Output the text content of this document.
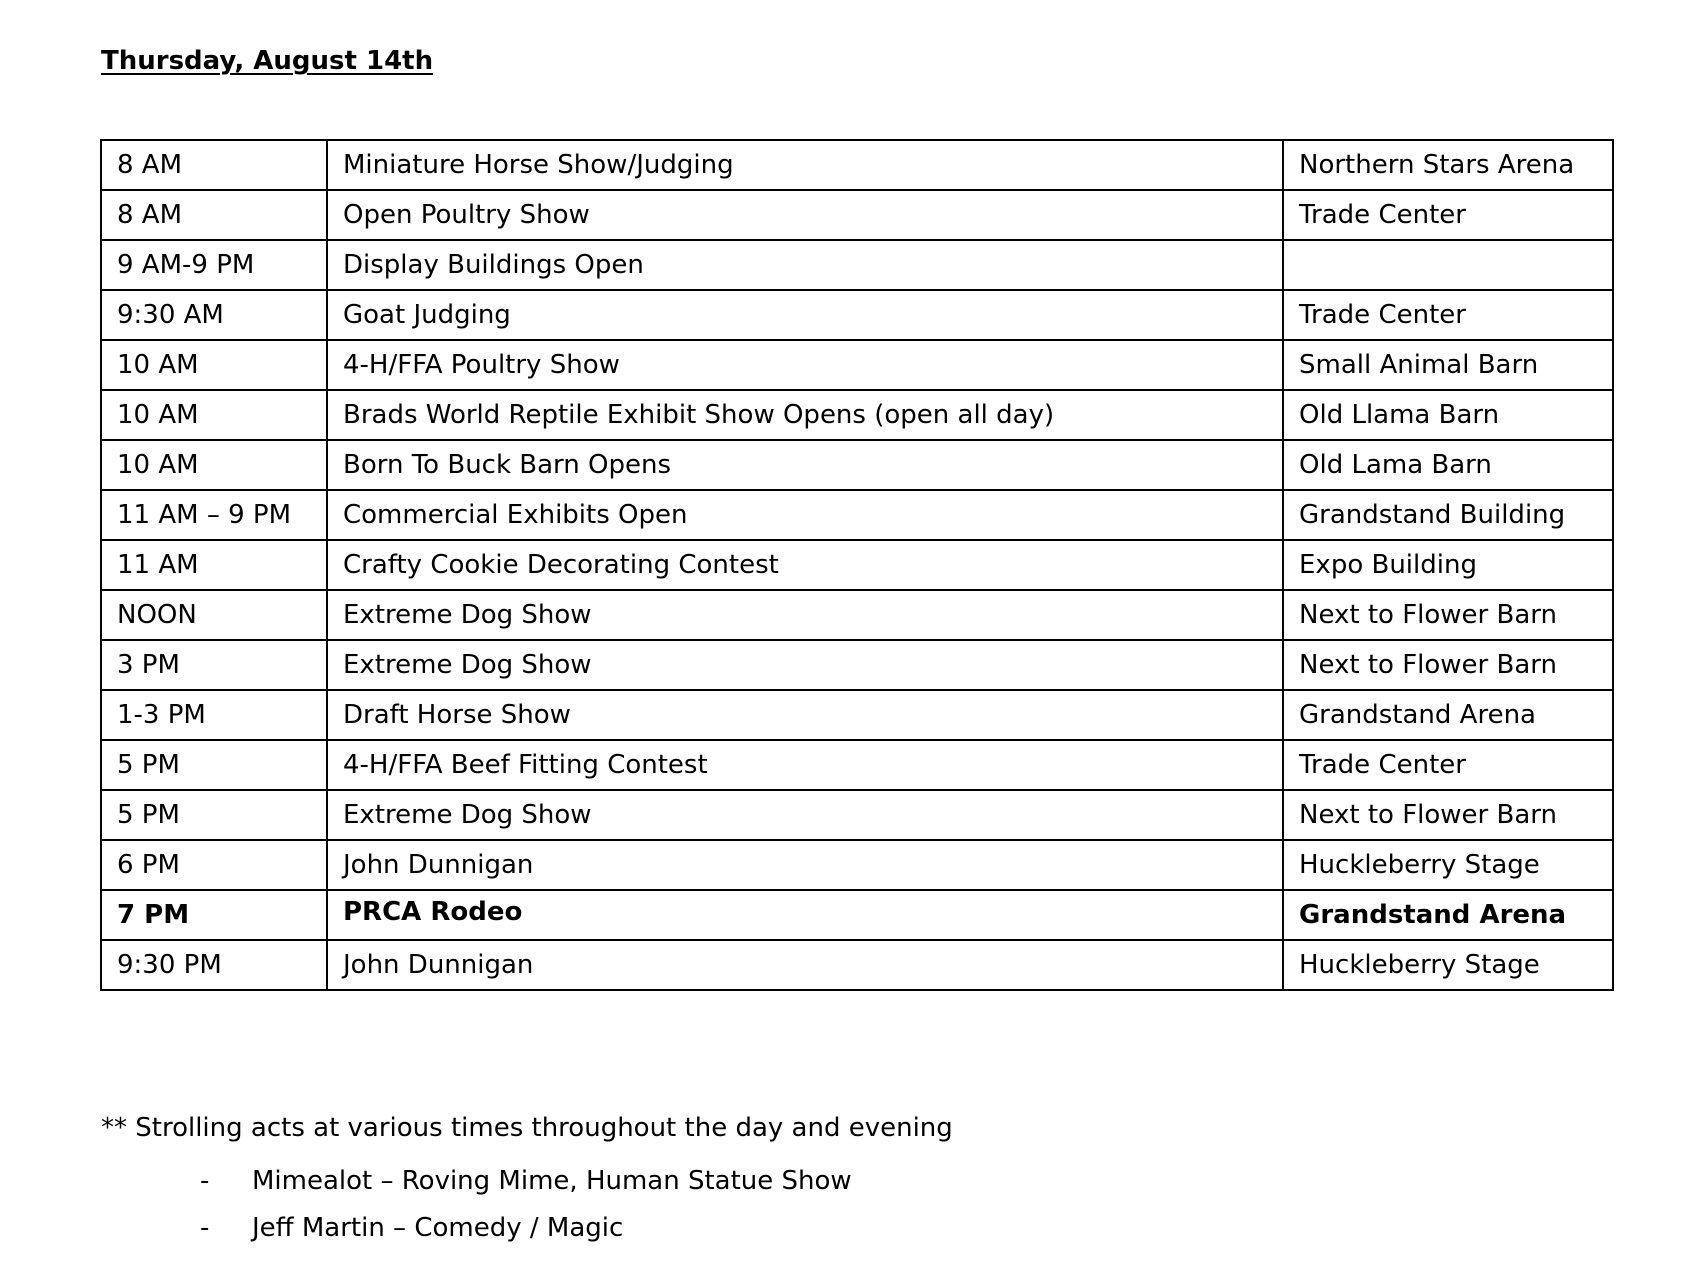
Thursday, August 14th
8 AM	Miniature Horse Show/Judging	Northern Stars Arena
8 AM	Open Poultry Show	Trade Center
9 AM-9 PM	Display Buildings Open	
9:30 AM	Goat Judging	Trade Center
10 AM	4-H/FFA Poultry Show	Small Animal Barn
10 AM	Brads World Reptile Exhibit Show Opens (open all day)	Old Llama Barn
10 AM	Born To Buck Barn Opens	Old Lama Barn
11 AM – 9 PM	Commercial Exhibits Open	Grandstand Building
11 AM	Crafty Cookie Decorating Contest	Expo Building
NOON	Extreme Dog Show	Next to Flower Barn
3 PM	Extreme Dog Show	Next to Flower Barn
1-3 PM	Draft Horse Show	Grandstand Arena
5 PM	4-H/FFA Beef Fitting Contest	Trade Center
5 PM	Extreme Dog Show	Next to Flower Barn
6 PM	John Dunnigan	Huckleberry Stage
7 PM	PRCA Rodeo	Grandstand Arena
9:30 PM	John Dunnigan	Huckleberry Stage
** Strolling acts at various times throughout the day and evening
- Mimealot – Roving Mime, Human Statue Show
- Jeff Martin – Comedy / Magic
